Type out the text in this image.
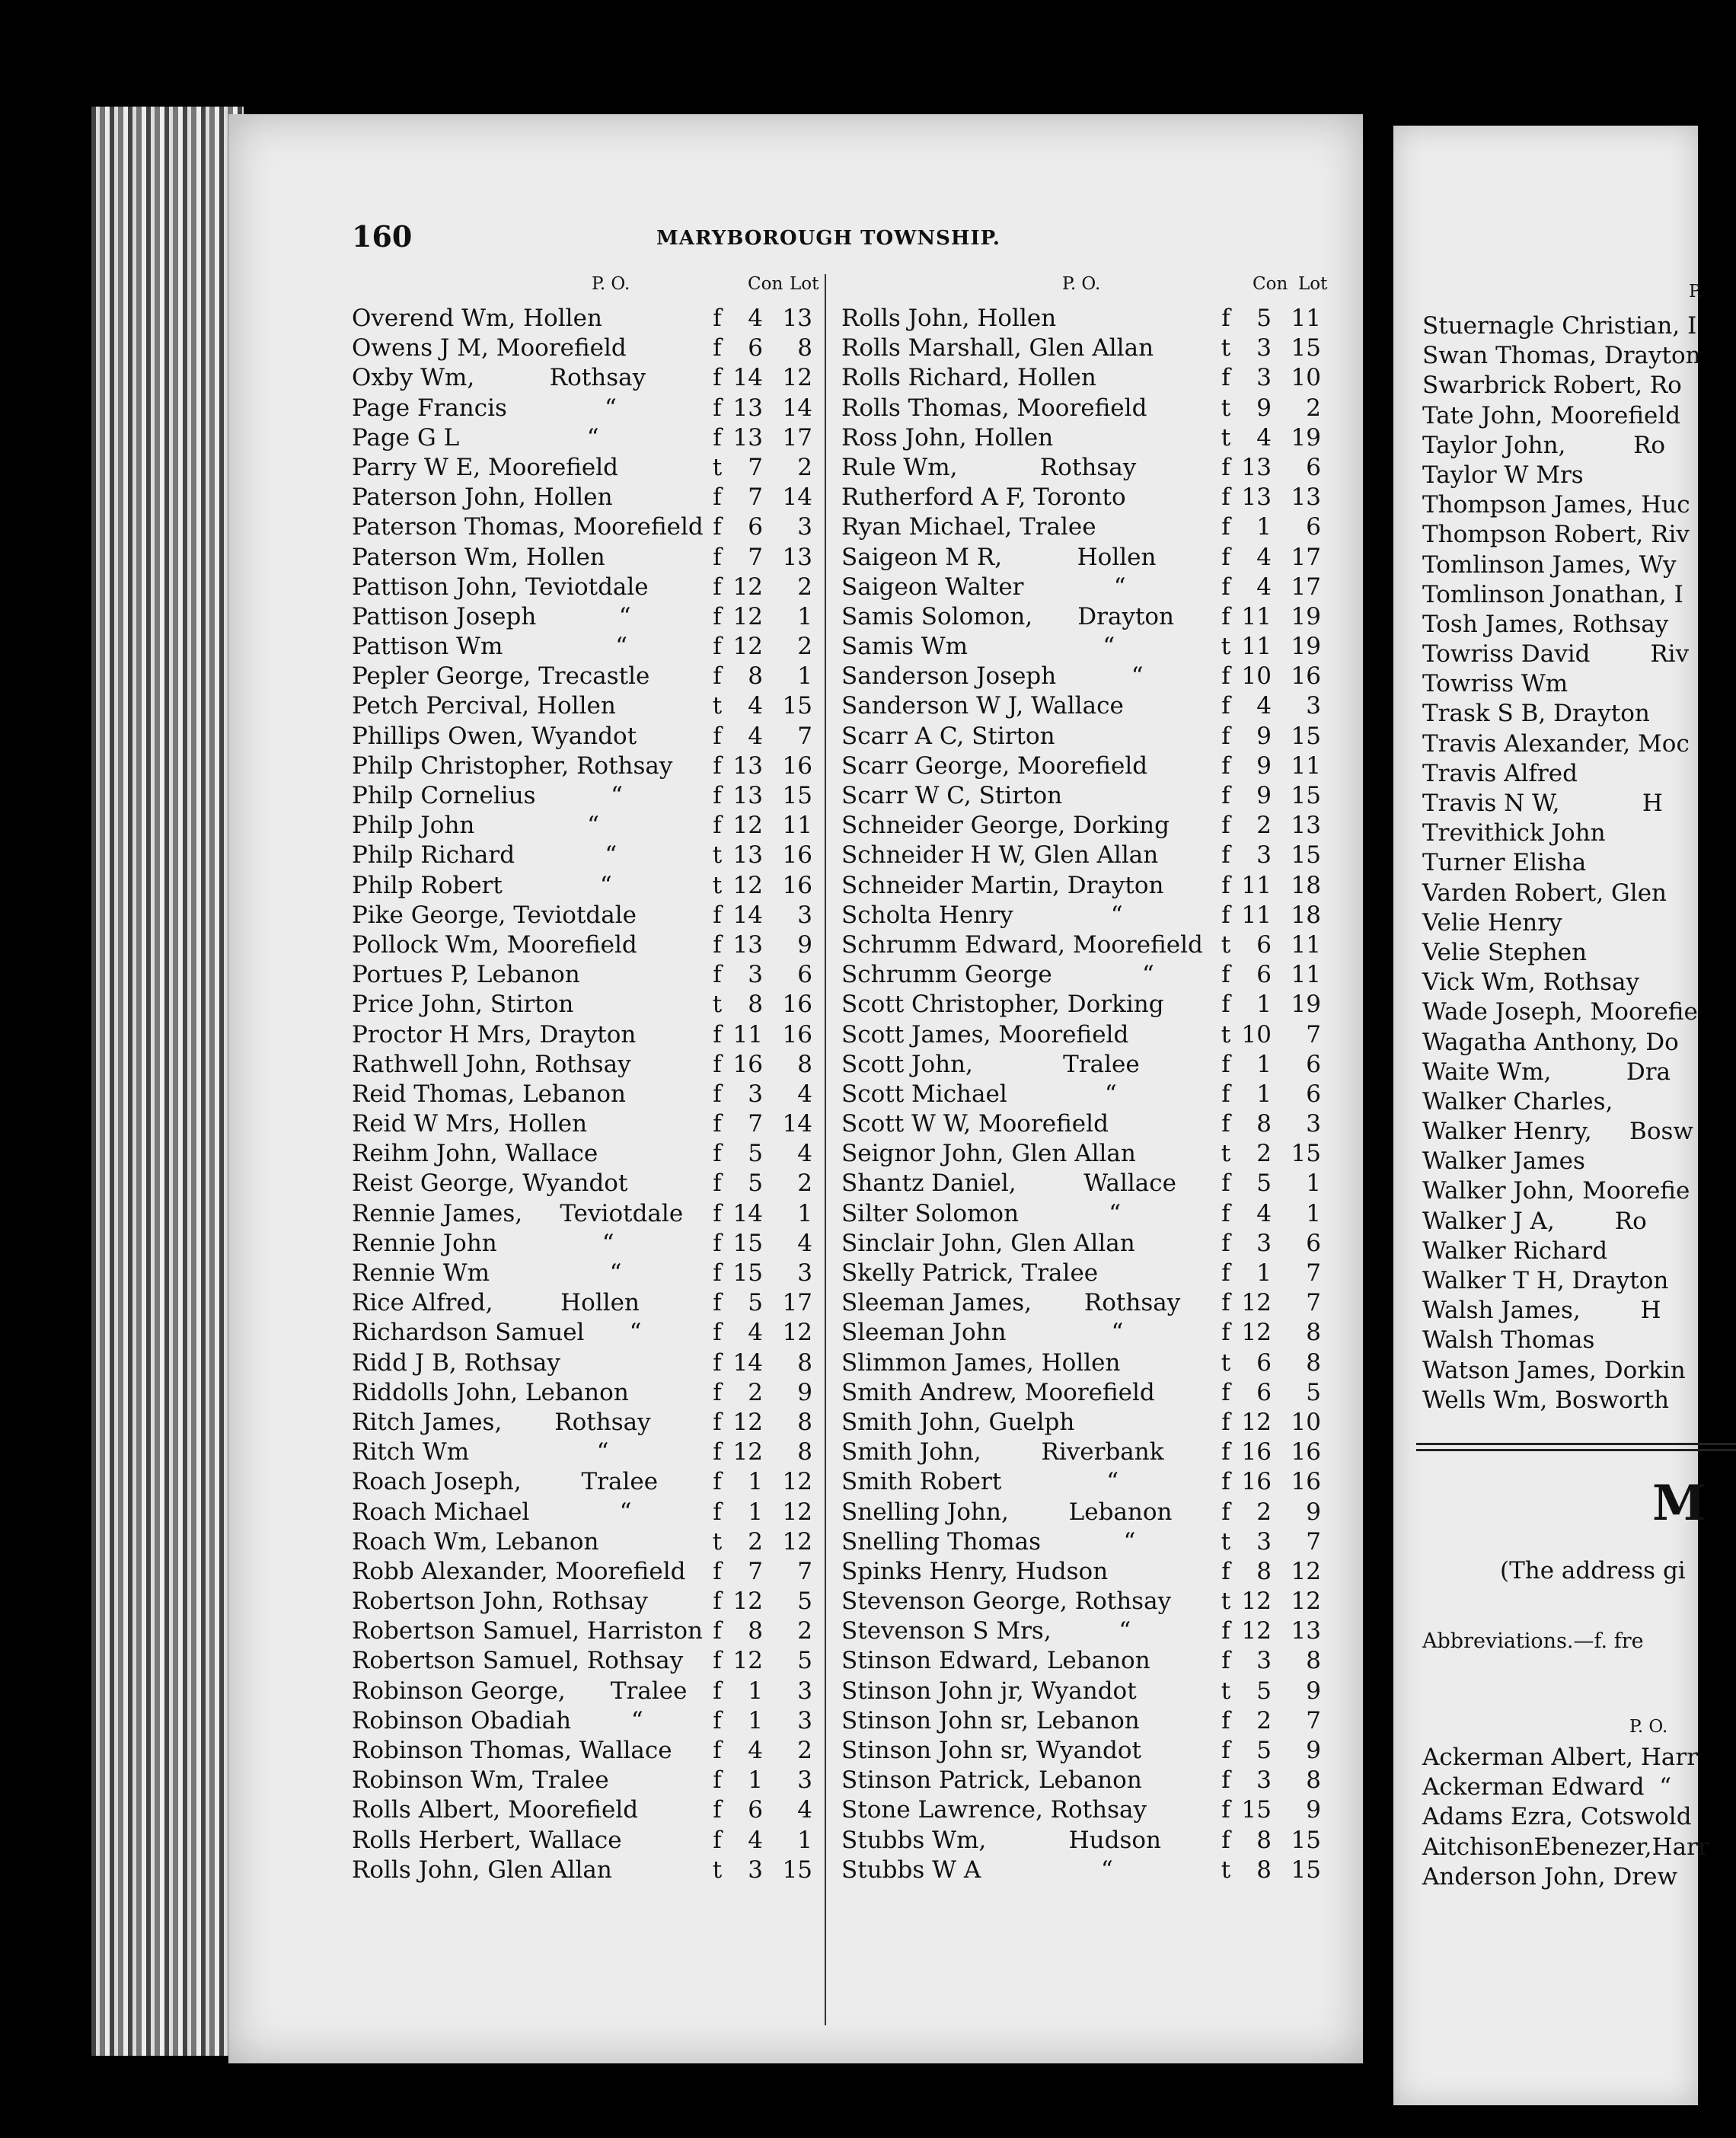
160	MARYBOROUGH TOWNSHIP.
P. O.	Con Lot
Overend Wm, Hollen	f	4 13
Owens J M, Moorefield	f	6	8
Oxby Wm,          Rothsay	f 14 12
Page Francis             “	f 13 14
Page G L                 “	f 13 17
Parry W E, Moorefield	t	7	2
Paterson John, Hollen	f	7 14
Paterson Thomas, Moorefield f	6	3
Paterson Wm, Hollen	f	7 13
Pattison John, Teviotdale	f 12	2
Pattison Joseph           “	f 12	1
Pattison Wm               “	f 12	2
Pepler George, Trecastle	f	8	1
Petch Percival, Hollen	t	4 15
Phillips Owen, Wyandot	f	4	7
Philp Christopher, Rothsay f 13 16
Philp Cornelius          “	f 13 15
Philp John               “	f 12 11
Philp Richard            “	t 13 16
Philp Robert             “	t 12 16
Pike George, Teviotdale	f 14	3
Pollock Wm, Moorefield	f 13	9
Portues P, Lebanon	f	3	6
Price John, Stirton	t	8 16
Proctor H Mrs, Drayton	f 11 16
Rathwell John, Rothsay	f 16	8
Reid Thomas, Lebanon	f	3	4
Reid W Mrs, Hollen	f	7 14
Reihm John, Wallace	f	5	4
Reist George, Wyandot	f	5	2
Rennie James,     Teviotdale f 14	1
Rennie John              “	f 15	4
Rennie Wm                “	f 15	3
Rice Alfred,         Hollen	f	5 17
Richardson Samuel      “	f	4 12
Ridd J B, Rothsay	f 14	8
Riddolls John, Lebanon	f	2	9
Ritch James,       Rothsay	f 12	8
Ritch Wm                 “	f 12	8
Roach Joseph,        Tralee f	1 12
Roach Michael            “	f	1 12
Roach Wm, Lebanon	t	2 12
Robb Alexander, Moorefield f	7	7
Robertson John, Rothsay	f 12	5
Robertson Samuel, Harriston f	8	2
Robertson Samuel, Rothsay f 12	5
Robinson George,      Tralee f	1	3
Robinson Obadiah        “	f	1	3
Robinson Thomas, Wallace f	4	2
Robinson Wm, Tralee	f	1	3
Rolls Albert, Moorefield	f	6	4
Rolls Herbert, Wallace	f	4	1
Rolls John, Glen Allan	t	3 15
P. O.	Con Lot
Rolls John, Hollen	f	5 11
Rolls Marshall, Glen Allan	t	3 15
Rolls Richard, Hollen	f	3 10
Rolls Thomas, Moorefield	t	9	2
Ross John, Hollen	t	4 19
Rule Wm,           Rothsay	f 13	6
Rutherford A F, Toronto	f 13 13
Ryan Michael, Tralee	f	1	6
Saigeon M R,          Hollen	f	4 17
Saigeon Walter            “	f	4 17
Samis Solomon,      Drayton f 11 19
Samis Wm                  “	t 11 19
Sanderson Joseph          “	f 10 16
Sanderson W J, Wallace	f	4	3
Scarr A C, Stirton	f	9 15
Scarr George, Moorefield	f	9 11
Scarr W C, Stirton	f	9 15
Schneider George, Dorking f	2 13
Schneider H W, Glen Allan	f	3 15
Schneider Martin, Drayton f 11 18
Scholta Henry             “	f 11 18
Schrumm Edward, Moorefield t	6 11
Schrumm George            “	f	6 11
Scott Christopher, Dorking f	1 19
Scott James, Moorefield	t 10	7
Scott John,            Tralee	f	1	6
Scott Michael             “	f	1	6
Scott W W, Moorefield	f	8	3
Seignor John, Glen Allan	t	2 15
Shantz Daniel,         Wallace f	5	1
Silter Solomon            “	f	4	1
Sinclair John, Glen Allan	f	3	6
Skelly Patrick, Tralee	f	1	7
Sleeman James,       Rothsay f 12	7
Sleeman John              “	f 12	8
Slimmon James, Hollen	t	6	8
Smith Andrew, Moorefield	f	6	5
Smith John, Guelph	f 12 10
Smith John,        Riverbank f 16 16
Smith Robert              “	f 16 16
Snelling John,        Lebanon f	2	9
Snelling Thomas           “	t	3	7
Spinks Henry, Hudson	f	8 12
Stevenson George, Rothsay t 12 12
Stevenson S Mrs,         “	f 12 13
Stinson Edward, Lebanon	f	3	8
Stinson John jr, Wyandot	t	5	9
Stinson John sr, Lebanon	f	2	7
Stinson John sr, Wyandot	f	5	9
Stinson Patrick, Lebanon	f	3	8
Stone Lawrence, Rothsay	f 15	9
Stubbs Wm,           Hudson	f	8 15
Stubbs W A                “	t	8 15
P.
Stuernagle Christian, I
Swan Thomas, Drayton
Swarbrick Robert, Ro
Tate John, Moorefield
Taylor John,         Ro
Taylor W Mrs
Thompson James, Huc
Thompson Robert, Riv
Tomlinson James, Wy
Tomlinson Jonathan, I
Tosh James, Rothsay
Towriss David        Riv
Towriss Wm
Trask S B, Drayton
Travis Alexander, Moc
Travis Alfred
Travis N W,           H
Trevithick John
Turner Elisha
Varden Robert, Glen
Velie Henry
Velie Stephen
Vick Wm, Rothsay
Wade Joseph, Moorefie
Wagatha Anthony, Do
Waite Wm,          Dra
Walker Charles,
Walker Henry,     Bosw
Walker James
Walker John, Moorefie
Walker J A,        Ro
Walker Richard
Walker T H, Drayton
Walsh James,        H
Walsh Thomas
Watson James, Dorkin
Wells Wm, Bosworth
M
(The address gi
Abbreviations.—f. fre
P. O.
Ackerman Albert, Harr
Ackerman Edward  “
Adams Ezra, Cotswold
AitchisonEbenezer,Harr
Anderson John, Drew
